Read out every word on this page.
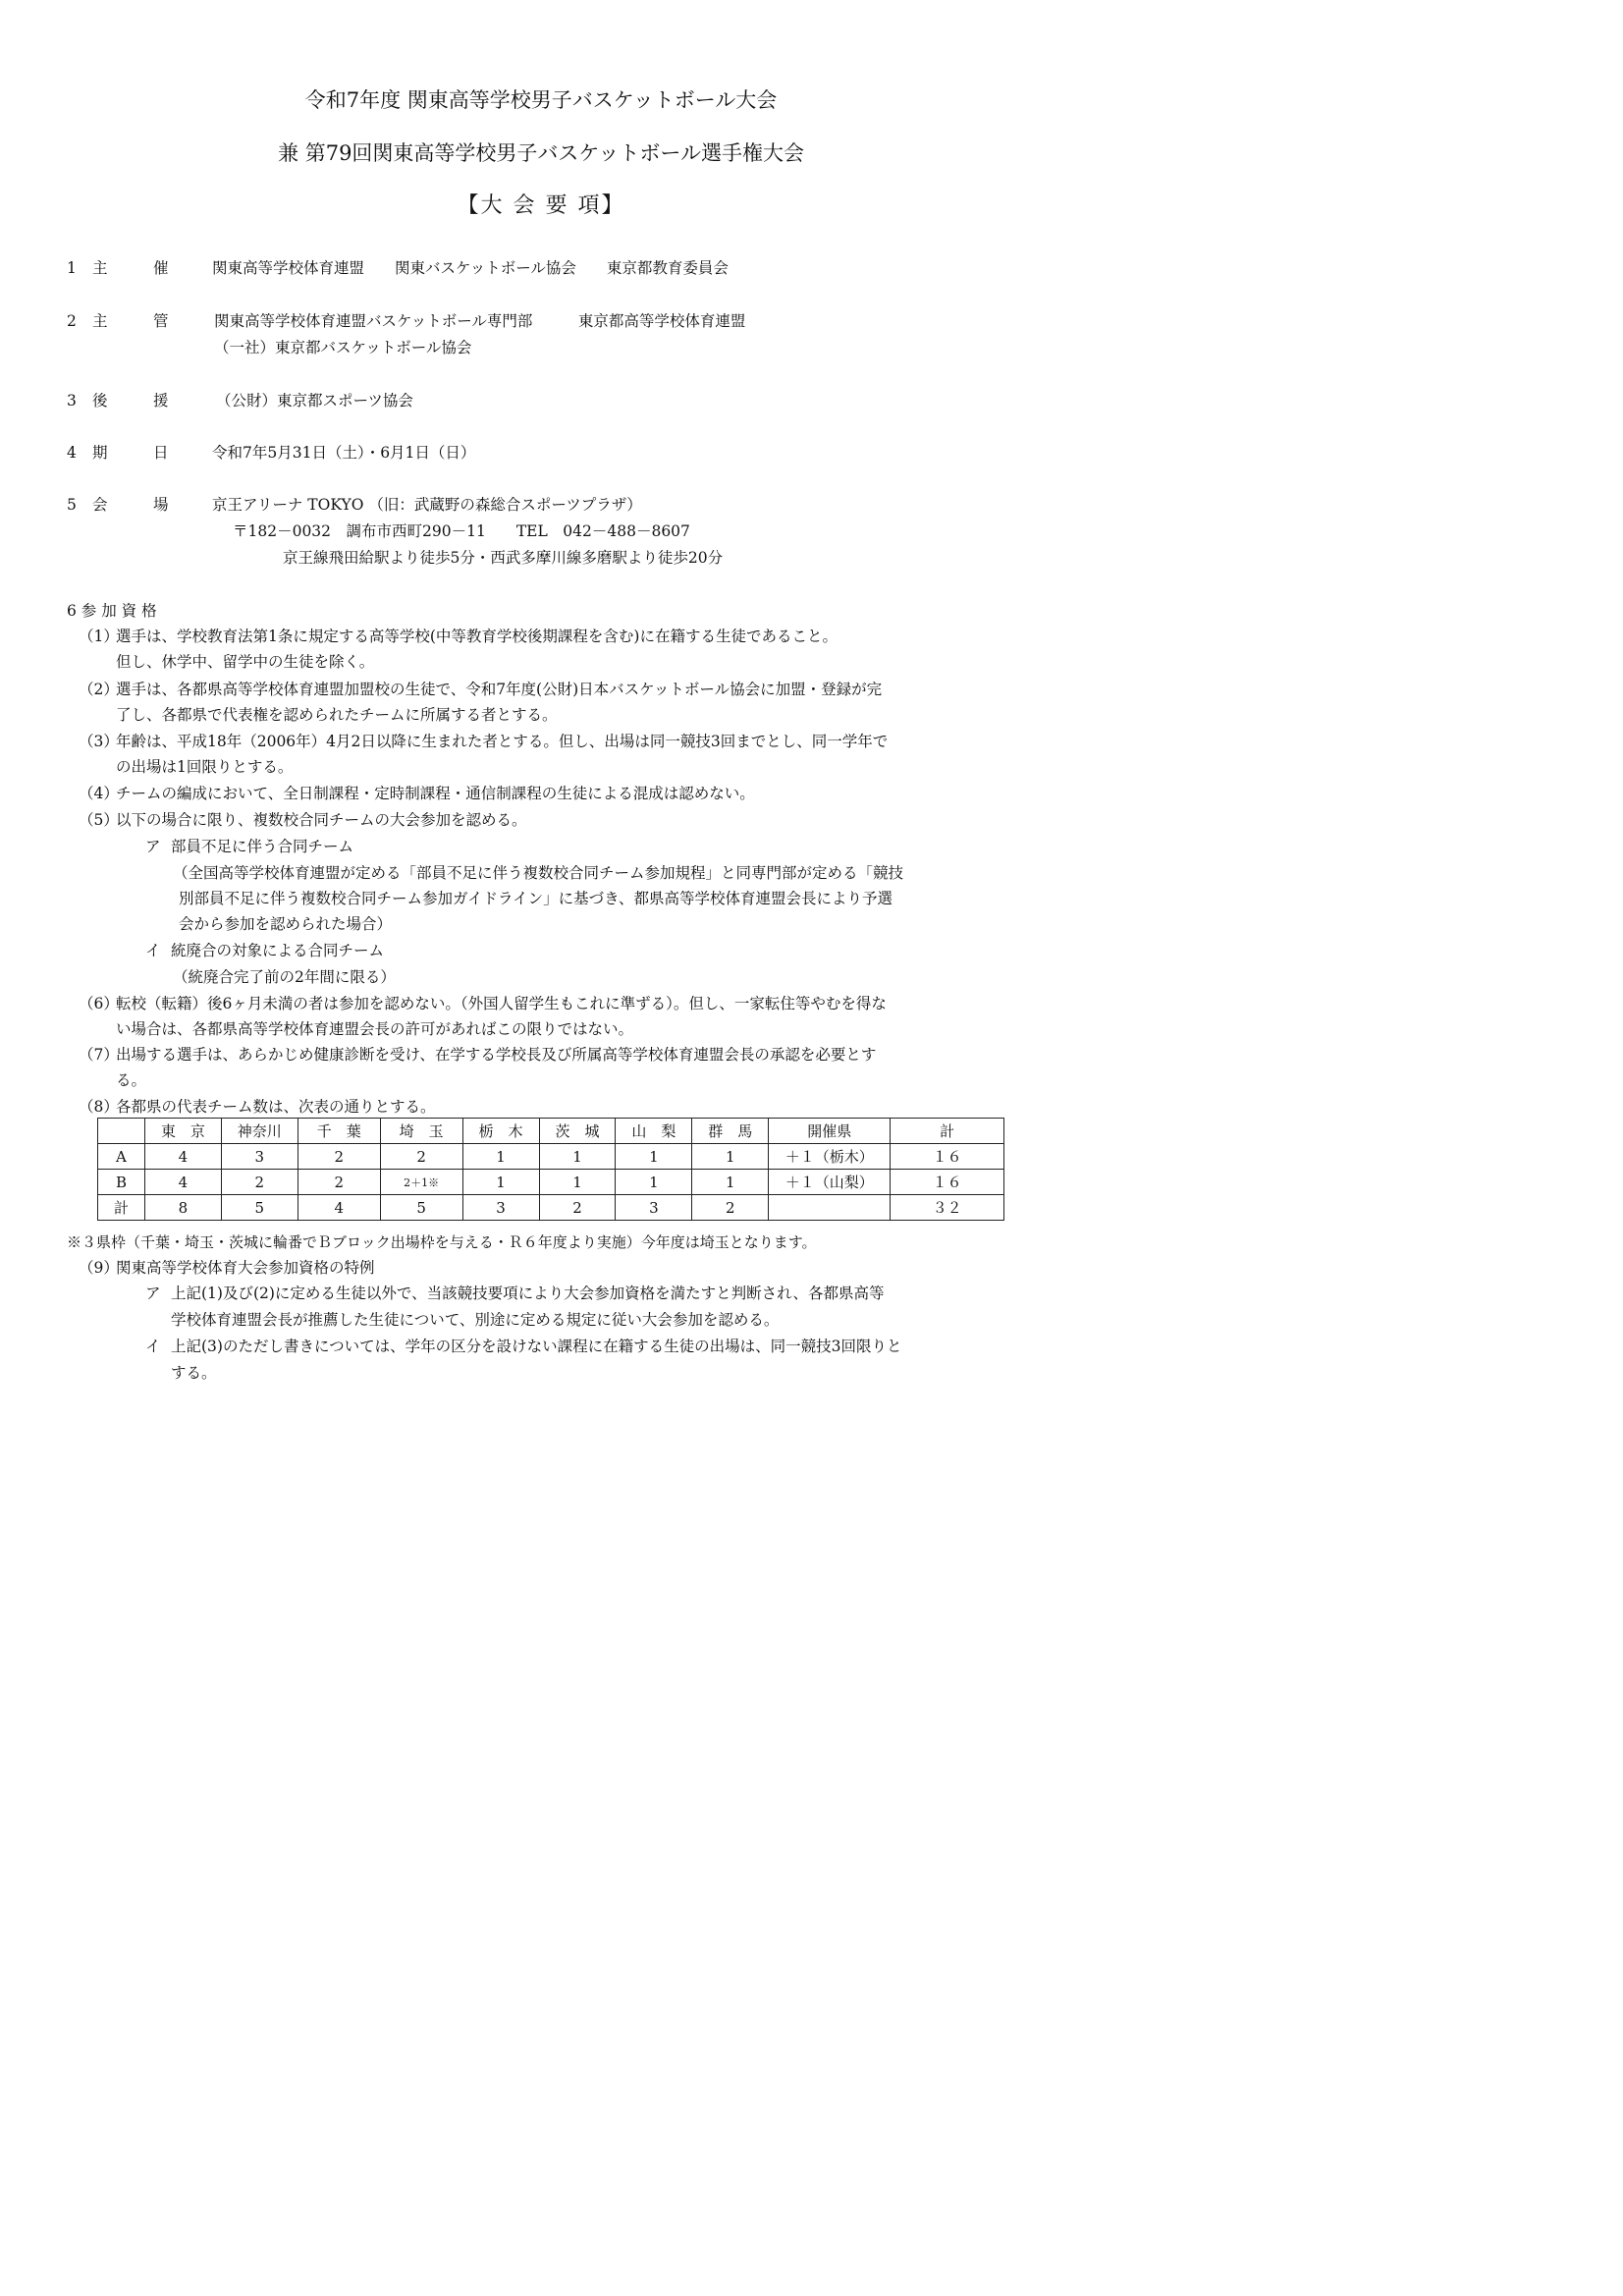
令和7年度 関東高等学校男子バスケットボール大会
兼 第79回関東高等学校男子バスケットボール選手権大会
【大 会 要 項】
1 主　　　催	関東高等学校体育連盟　　関東バスケットボール協会　　東京都教育委員会
2 主　　　管	関東高等学校体育連盟バスケットボール専門部　　　東京都高等学校体育連盟
（一社）東京都バスケットボール協会
3 後　　　援	（公財）東京都スポーツ協会
4 期　　　日	令和7年5月31日（土）・6月1日（日）
5 会　　　場	京王アリーナ TOKYO （旧：武蔵野の森総合スポーツプラザ）
〒182－0032　調布市西町290－11　　TEL　042－488－8607
京王線飛田給駅より徒歩5分・西武多摩川線多磨駅より徒歩20分
6 参 加 資 格
（1）
選手は、学校教育法第1条に規定する高等学校(中等教育学校後期課程を含む)に在籍する生徒であること。
但し、休学中、留学中の生徒を除く。
（2）
選手は、各都県高等学校体育連盟加盟校の生徒で、令和7年度(公財)日本バスケットボール協会に加盟・登録が完
了し、各都県で代表権を認められたチームに所属する者とする。
（3）
年齢は、平成18年（2006年）4月2日以降に生まれた者とする。但し、出場は同一競技3回までとし、同一学年で
の出場は1回限りとする。
（4）
チームの編成において、全日制課程・定時制課程・通信制課程の生徒による混成は認めない。
（5）
以下の場合に限り、複数校合同チームの大会参加を認める。
ア 部員不足に伴う合同チーム
（全国高等学校体育連盟が定める「部員不足に伴う複数校合同チーム参加規程」と同専門部が定める「競技
別部員不足に伴う複数校合同チーム参加ガイドライン」に基づき、都県高等学校体育連盟会長により予選
会から参加を認められた場合）
イ 統廃合の対象による合同チーム
（統廃合完了前の2年間に限る）
（6）
転校（転籍）後6ヶ月未満の者は参加を認めない。（外国人留学生もこれに準ずる）。但し、一家転住等やむを得な
い場合は、各都県高等学校体育連盟会長の許可があればこの限りではない。
（7）
出場する選手は、あらかじめ健康診断を受け、在学する学校長及び所属高等学校体育連盟会長の承認を必要とす
る。
（8）
各都県の代表チーム数は、次表の通りとする。
	東　京	神奈川	千　葉	埼　玉	栃　木	茨　城	山　梨	群　馬	開催県	計
A	4	3	2	2	1	1	1	1	＋１（栃木）	１６
B	4	2	2	2＋1※	1	1	1	1	＋１（山梨）	１６
計	8	5	4	5	3	2	3	2		３２
※３県枠（千葉・埼玉・茨城に輪番でＢブロック出場枠を与える・Ｒ６年度より実施）今年度は埼玉となります。
（9）
関東高等学校体育大会参加資格の特例
ア 上記(1)及び(2)に定める生徒以外で、当該競技要項により大会参加資格を満たすと判断され、各都県高等
学校体育連盟会長が推薦した生徒について、別途に定める規定に従い大会参加を認める。
イ 上記(3)のただし書きについては、学年の区分を設けない課程に在籍する生徒の出場は、同一競技3回限りと
する。
